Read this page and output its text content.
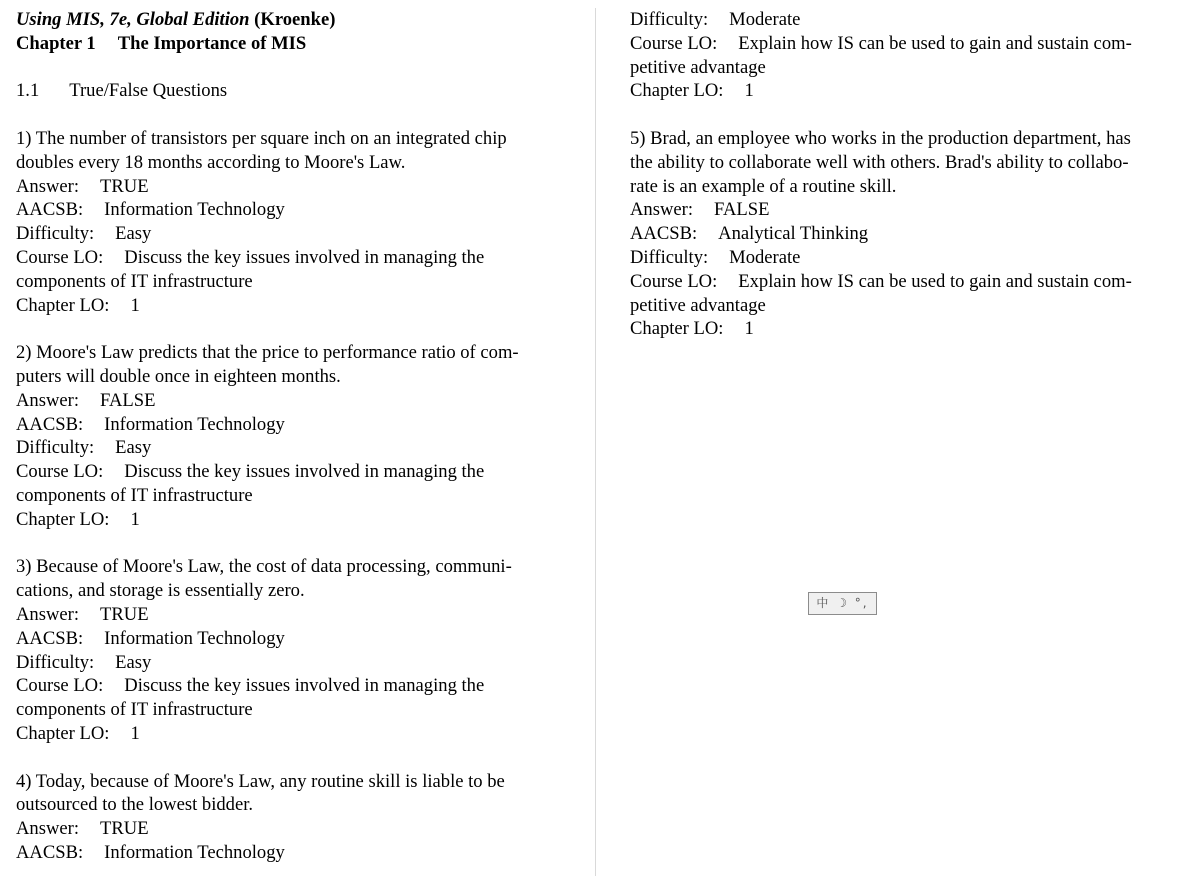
Using MIS, 7e, Global Edition (Kroenke)
Chapter 1 The Importance of MIS
1.1 True/False Questions
1) The number of transistors per square inch on an integrated chip
doubles every 18 months according to Moore's Law.
Answer: TRUE
AACSB: Information Technology
Difficulty: Easy
Course LO: Discuss the key issues involved in managing the
components of IT infrastructure
Chapter LO: 1
2) Moore's Law predicts that the price to performance ratio of com-
puters will double once in eighteen months.
Answer: FALSE
AACSB: Information Technology
Difficulty: Easy
Course LO: Discuss the key issues involved in managing the
components of IT infrastructure
Chapter LO: 1
3) Because of Moore's Law, the cost of data processing, communi-
cations, and storage is essentially zero.
Answer: TRUE
AACSB: Information Technology
Difficulty: Easy
Course LO: Discuss the key issues involved in managing the
components of IT infrastructure
Chapter LO: 1
4) Today, because of Moore's Law, any routine skill is liable to be
outsourced to the lowest bidder.
Answer: TRUE
AACSB: Information Technology
Difficulty: Moderate
Course LO: Explain how IS can be used to gain and sustain com-
petitive advantage
Chapter LO: 1
5) Brad, an employee who works in the production department, has
the ability to collaborate well with others. Brad's ability to collabo-
rate is an example of a routine skill.
Answer: FALSE
AACSB: Analytical Thinking
Difficulty: Moderate
Course LO: Explain how IS can be used to gain and sustain com-
petitive advantage
Chapter LO: 1
中 ☽ °,
